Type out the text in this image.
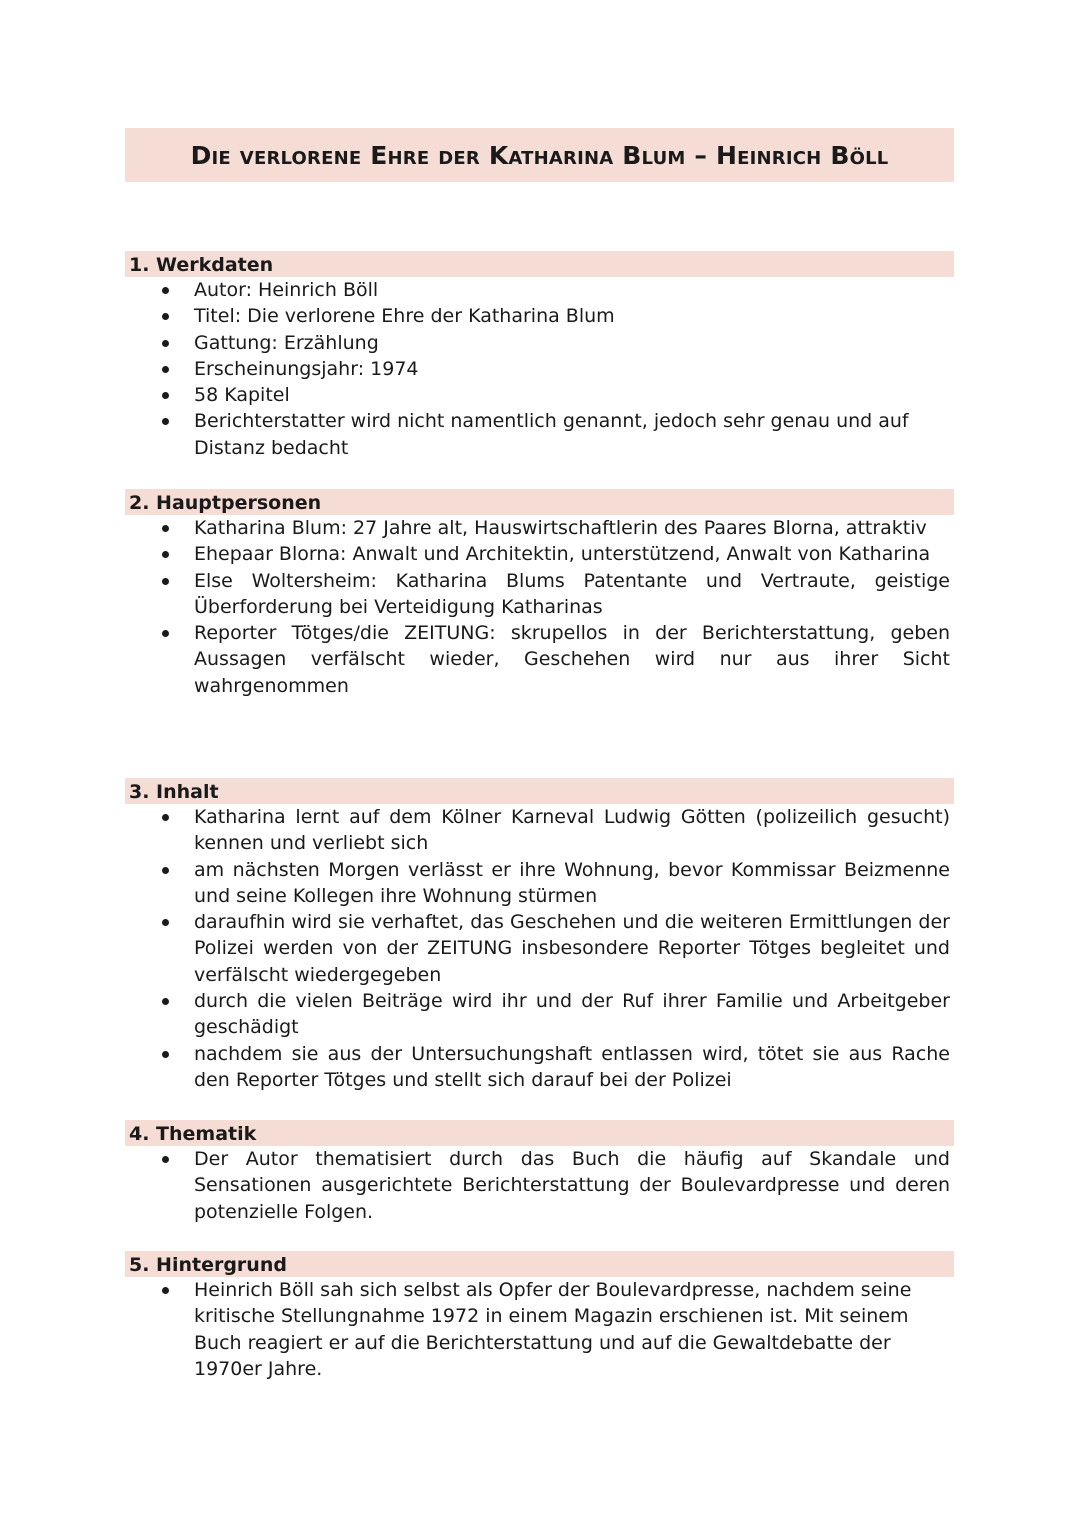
Die verlorene Ehre der Katharina Blum – Heinrich Böll
1. Werkdaten
Autor: Heinrich Böll
Titel: Die verlorene Ehre der Katharina Blum
Gattung: Erzählung
Erscheinungsjahr: 1974
58 Kapitel
Berichterstatter wird nicht namentlich genannt, jedoch sehr genau und auf Distanz bedacht
2. Hauptpersonen
Katharina Blum: 27 Jahre alt, Hauswirtschaftlerin des Paares Blorna, attraktiv
Ehepaar Blorna: Anwalt und Architektin, unterstützend, Anwalt von Katharina
Else Woltersheim: Katharina Blums Patentante und Vertraute, geistige Überforderung bei Verteidigung Katharinas
Reporter Tötges/die ZEITUNG: skrupellos in der Berichterstattung, geben Aussagen verfälscht wieder, Geschehen wird nur aus ihrer Sicht wahrgenommen
3. Inhalt
Katharina lernt auf dem Kölner Karneval Ludwig Götten (polizeilich gesucht) kennen und verliebt sich
am nächsten Morgen verlässt er ihre Wohnung, bevor Kommissar Beizmenne und seine Kollegen ihre Wohnung stürmen
daraufhin wird sie verhaftet, das Geschehen und die weiteren Ermittlungen der Polizei werden von der ZEITUNG insbesondere Reporter Tötges begleitet und verfälscht wiedergegeben
durch die vielen Beiträge wird ihr und der Ruf ihrer Familie und Arbeitgeber geschädigt
nachdem sie aus der Untersuchungshaft entlassen wird, tötet sie aus Rache den Reporter Tötges und stellt sich darauf bei der Polizei
4. Thematik
Der Autor thematisiert durch das Buch die häufig auf Skandale und Sensationen ausgerichtete Berichterstattung der Boulevardpresse und deren potenzielle Folgen.
5. Hintergrund
Heinrich Böll sah sich selbst als Opfer der Boulevardpresse, nachdem seine kritische Stellungnahme 1972 in einem Magazin erschienen ist. Mit seinem Buch reagiert er auf die Berichterstattung und auf die Gewaltdebatte der 1970er Jahre.
